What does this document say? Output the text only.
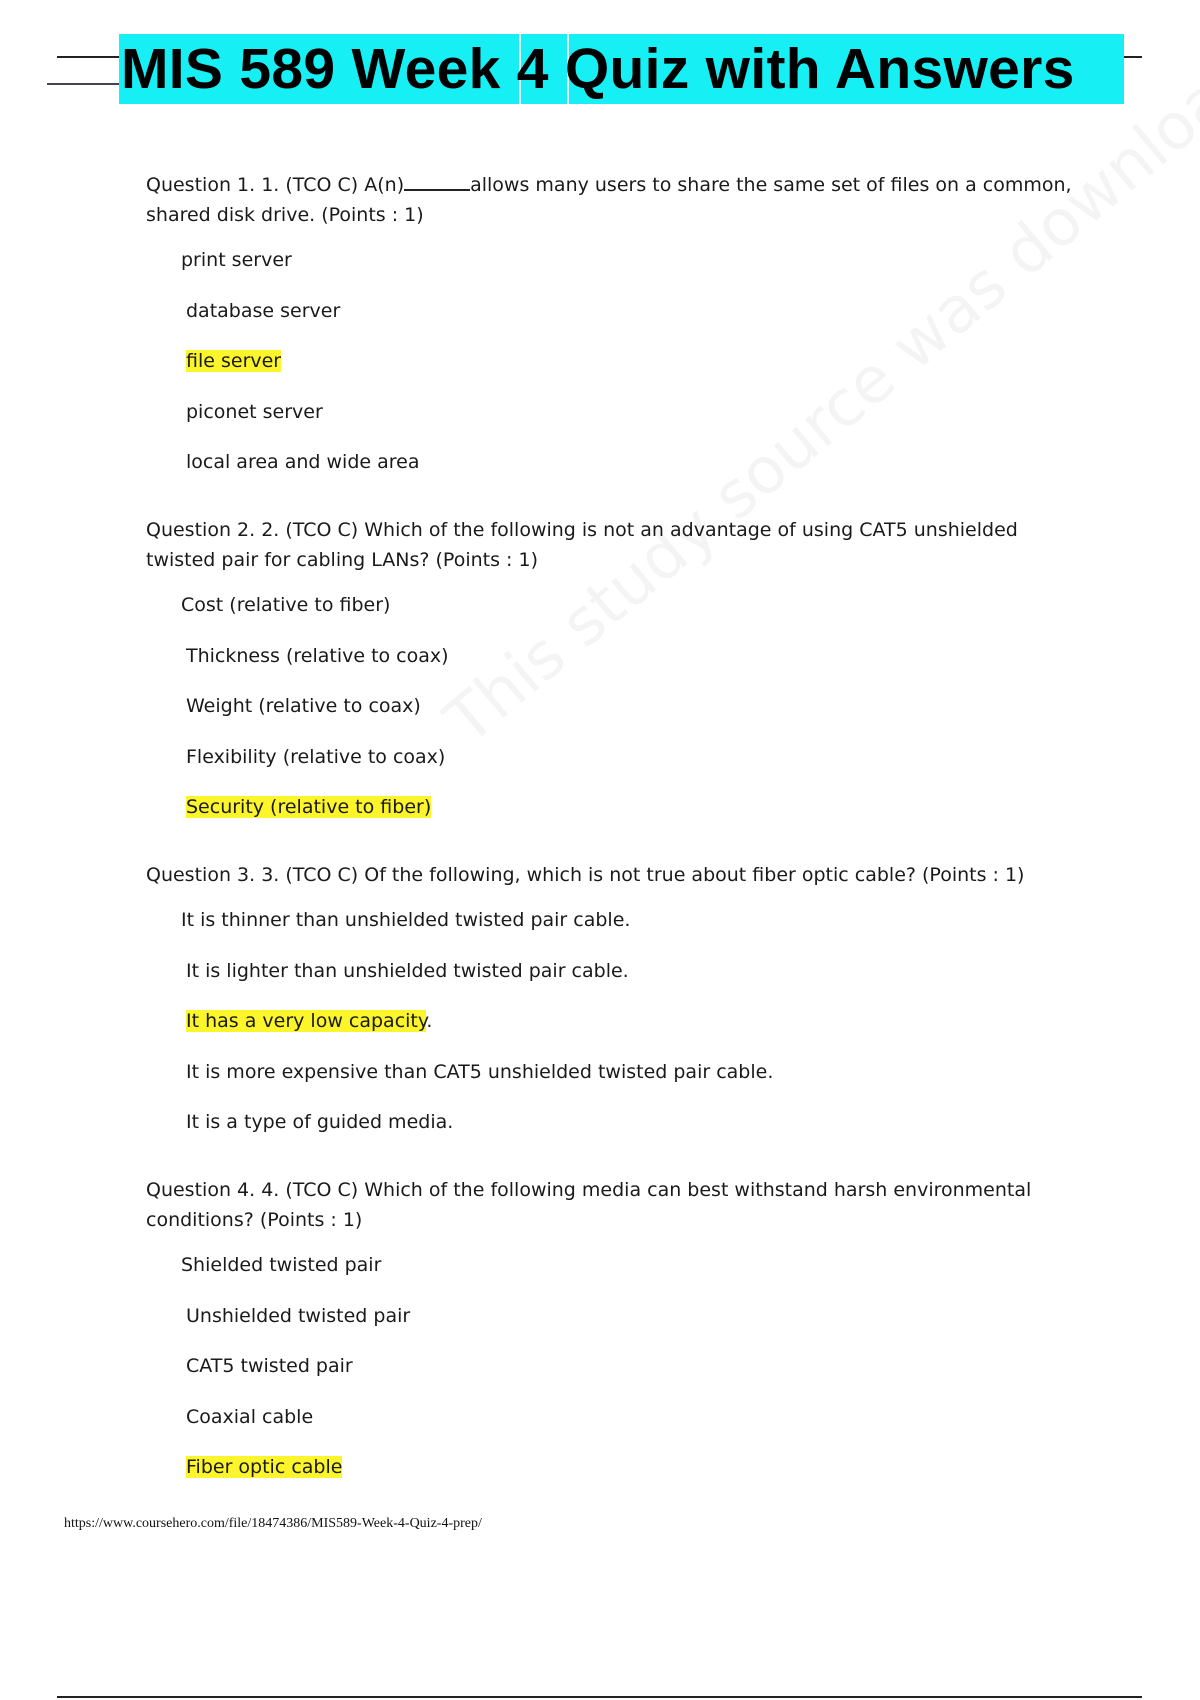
MIS 589 Week 4 Quiz with Answers

Question 1. 1. (TCO C) A(n)	allows many users to share the same set of files on a common, shared disk drive. (Points : 1)

print server
database server
file server
piconet server
local area and wide area

Question 2. 2. (TCO C) Which of the following is not an advantage of using CAT5 unshielded twisted pair for cabling LANs? (Points : 1)

Cost (relative to fiber)
Thickness (relative to coax)
Weight (relative to coax)
Flexibility (relative to coax)
Security (relative to fiber)

Question 3. 3. (TCO C) Of the following, which is not true about fiber optic cable? (Points : 1)

It is thinner than unshielded twisted pair cable.
It is lighter than unshielded twisted pair cable.
It has a very low capacity.
It is more expensive than CAT5 unshielded twisted pair cable.
It is a type of guided media.

Question 4. 4. (TCO C) Which of the following media can best withstand harsh environmental conditions? (Points : 1)

Shielded twisted pair
Unshielded twisted pair
CAT5 twisted pair
Coaxial cable
Fiber optic cable
https://www.coursehero.com/file/18474386/MIS589-Week-4-Quiz-4-prep/
